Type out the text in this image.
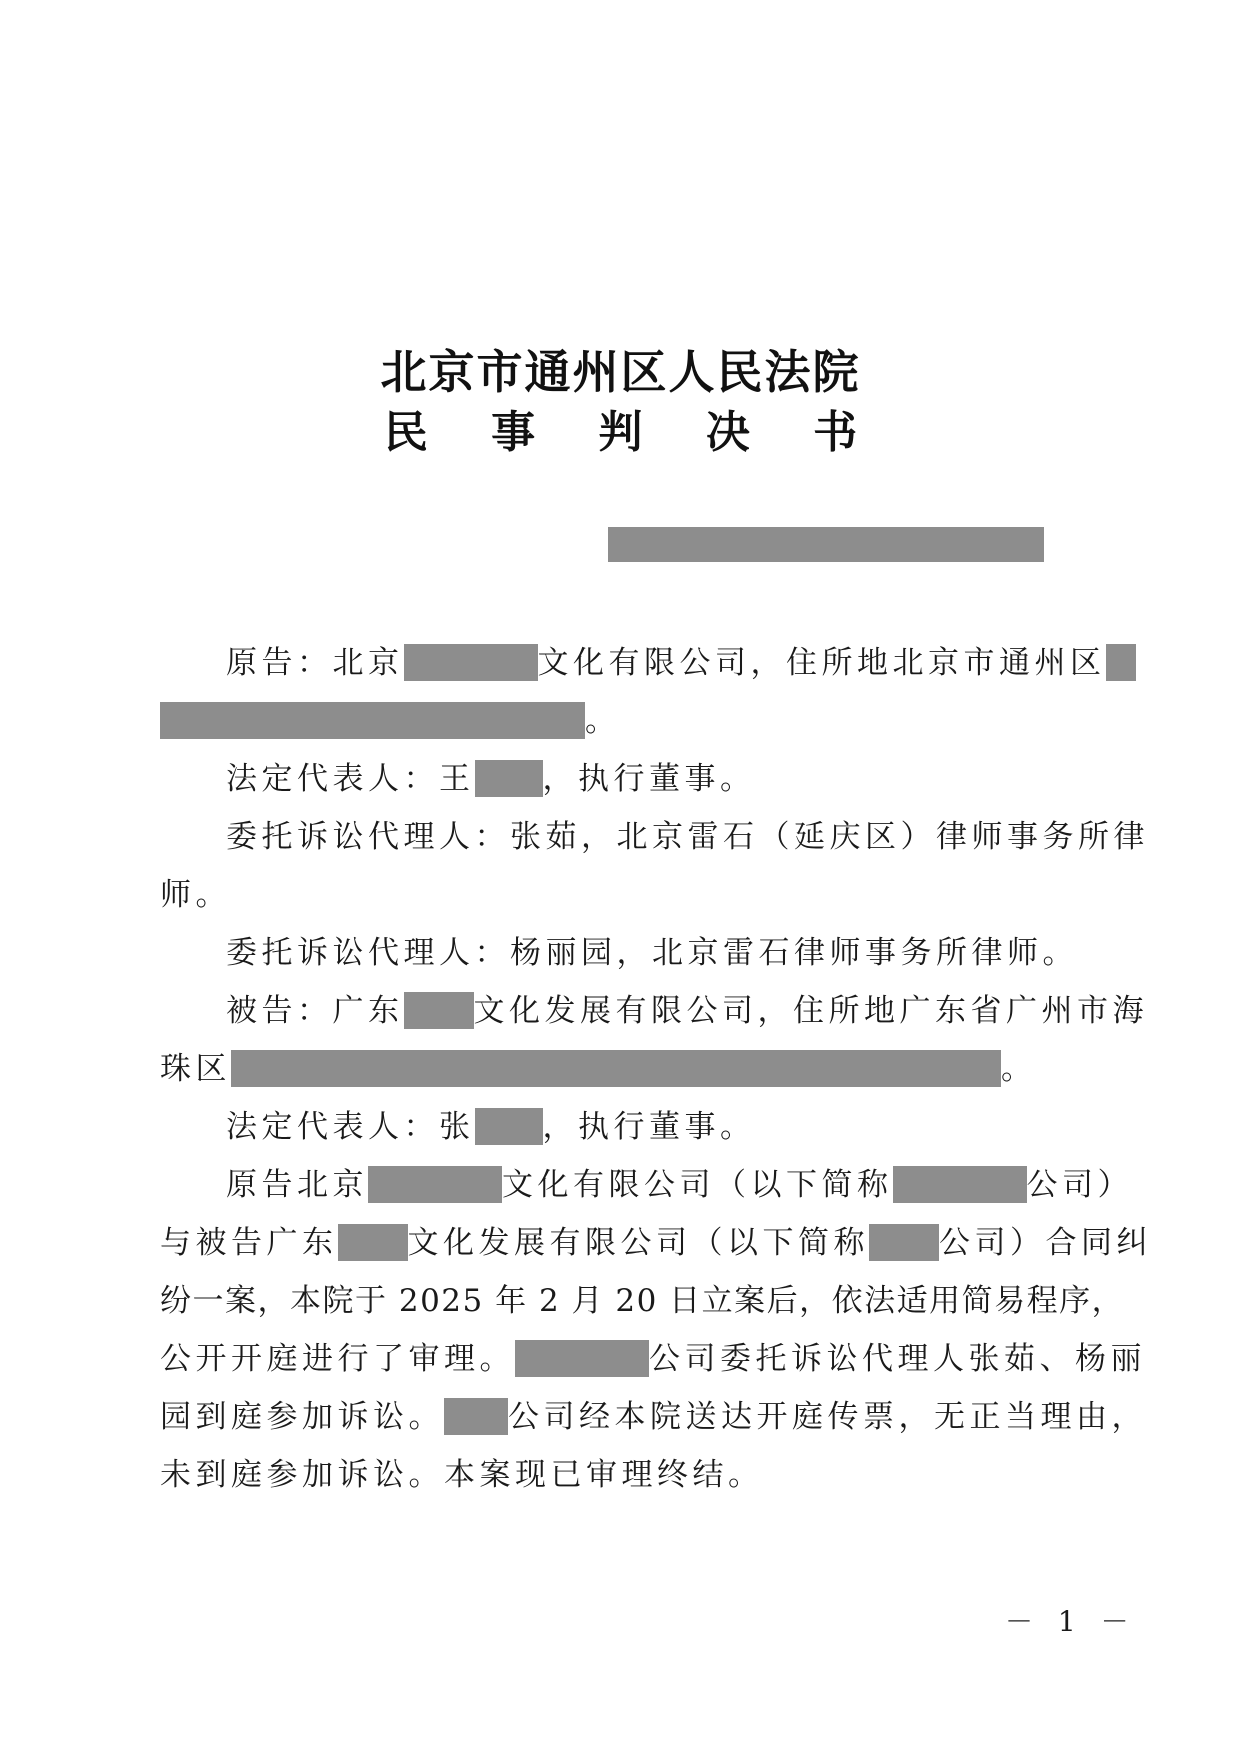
北京市通州区人民法院
民 事 判 决 书
原告：北京	文化有限公司，住所地北京市通州区
。
法定代表人：王 ，执行董事。
委托诉讼代理人：张茹，北京雷石（延庆区）律师事务所律
师。
委托诉讼代理人：杨丽园，北京雷石律师事务所律师。
被告：广东 文化发展有限公司，住所地广东省广州市海
珠区	。
法定代表人：张 ，执行董事。
原告北京	文化有限公司（以下简称	公司）
与被告广东 文化发展有限公司（以下简称 公司）合同纠
纷一案，本院于 2025 年 2 月 20 日立案后，依法适用简易程序，
公开开庭进行了审理。	公司委托诉讼代理人张茹、杨丽
园到庭参加诉讼。 公司经本院送达开庭传票，无正当理由，
未到庭参加诉讼。本案现已审理终结。
－ 1 －
